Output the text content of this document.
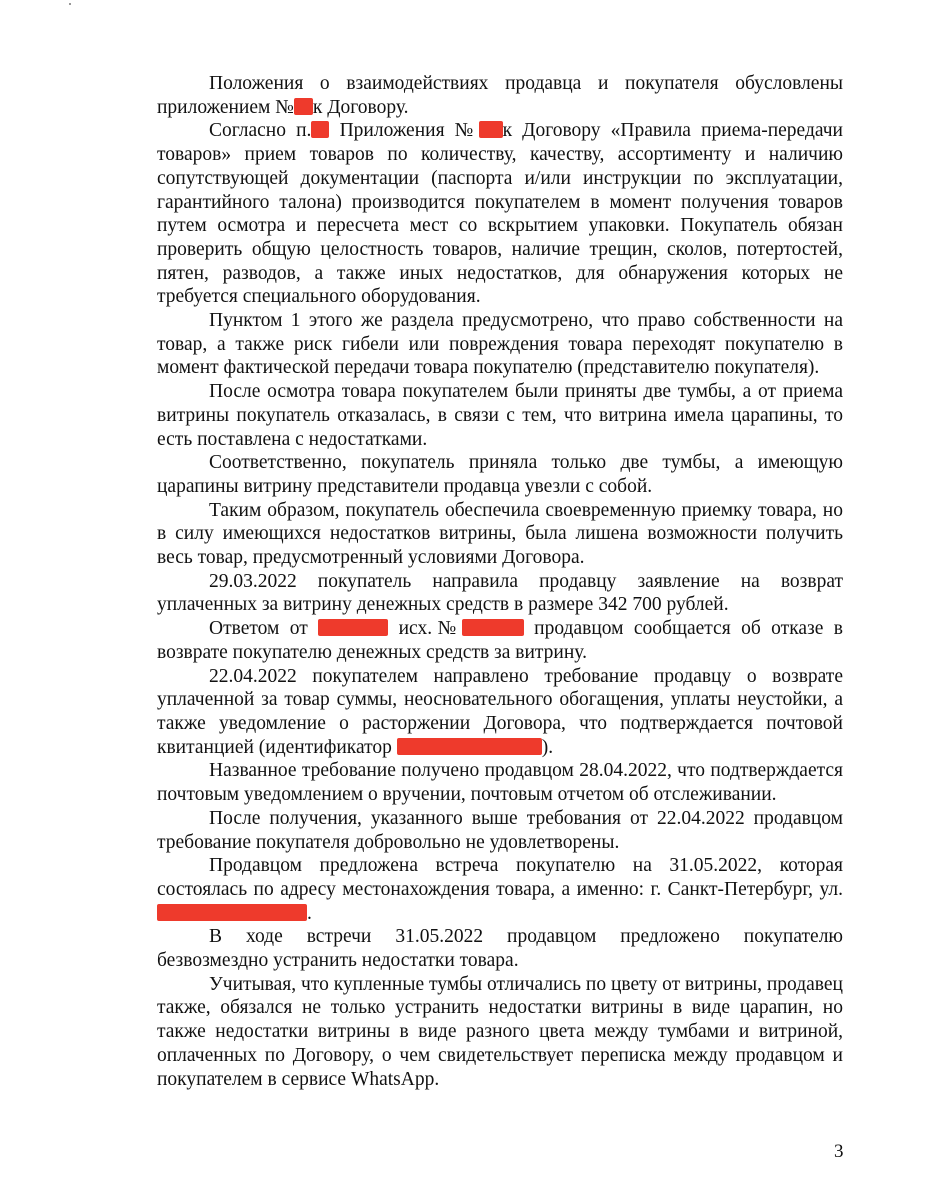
Положения о взаимодействиях продавца и покупателя обусловлены приложением № к Договору.

Согласно п. Приложения № к Договору «Правила приема-передачи товаров» прием товаров по количеству, качеству, ассортименту и наличию сопутствующей документации (паспорта и/или инструкции по эксплуатации, гарантийного талона) производится покупателем в момент получения товаров путем осмотра и пересчета мест со вскрытием упаковки. Покупатель обязан проверить общую целостность товаров, наличие трещин, сколов, потертостей, пятен, разводов, а также иных недостатков, для обнаружения которых не требуется специального оборудования.

Пунктом 1 этого же раздела предусмотрено, что право собственности на товар, а также риск гибели или повреждения товара переходят покупателю в момент фактической передачи товара покупателю (представителю покупателя).

После осмотра товара покупателем были приняты две тумбы, а от приема витрины покупатель отказалась, в связи с тем, что витрина имела царапины, то есть поставлена с недостатками.

Соответственно, покупатель приняла только две тумбы, а имеющую царапины витрину представители продавца увезли с собой.

Таким образом, покупатель обеспечила своевременную приемку товара, но в силу имеющихся недостатков витрины, была лишена возможности получить весь товар, предусмотренный условиями Договора.

29.03.2022 покупатель направила продавцу заявление на возврат уплаченных за витрину денежных средств в размере 342 700 рублей.

Ответом от	исх.№	продавцом сообщается об отказе в возврате покупателю денежных средств за витрину.

22.04.2022 покупателем направлено требование продавцу о возврате уплаченной за товар суммы, неосновательного обогащения, уплаты неустойки, а также уведомление о расторжении Договора, что подтверждается почтовой квитанцией (идентификатор	).

Названное требование получено продавцом 28.04.2022, что подтверждается почтовым уведомлением о вручении, почтовым отчетом об отслеживании.

После получения, указанного выше требования от 22.04.2022 продавцом требование покупателя добровольно не удовлетворены.

Продавцом предложена встреча покупателю на 31.05.2022, которая состоялась по адресу местонахождения товара, а именно: г. Санкт-Петербург, ул. .

В ходе встречи 31.05.2022 продавцом предложено покупателю безвозмездно устранить недостатки товара.

Учитывая, что купленные тумбы отличались по цвету от витрины, продавец также, обязался не только устранить недостатки витрины в виде царапин, но также недостатки витрины в виде разного цвета между тумбами и витриной, оплаченных по Договору, о чем свидетельствует переписка между продавцом и покупателем в сервисе WhatsApp.

3
